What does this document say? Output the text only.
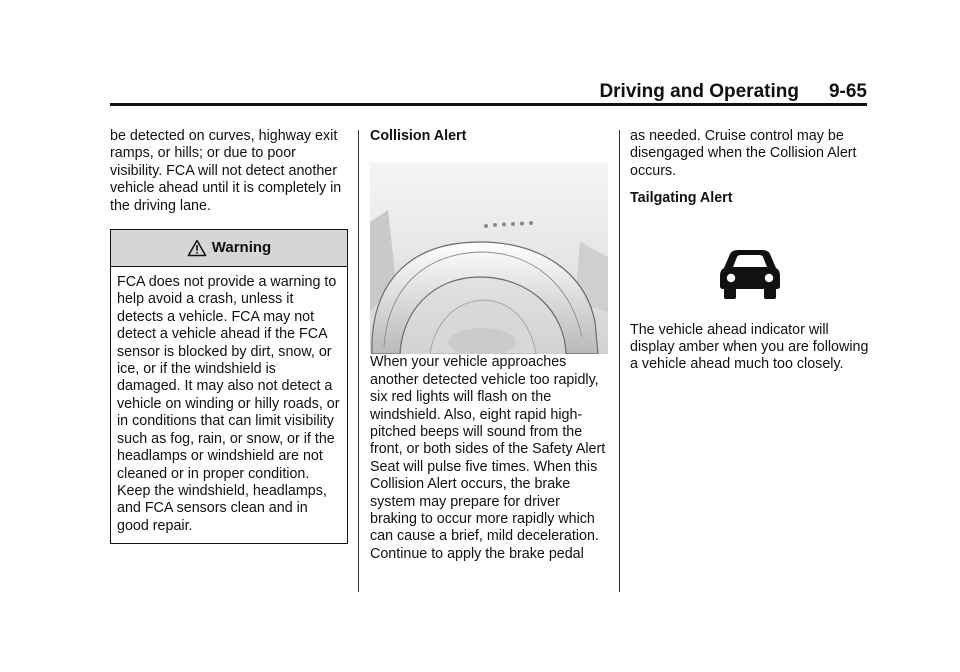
Driving and Operating 9-65

be detected on curves, highway exit ramps, or hills; or due to poor visibility. FCA will not detect another vehicle ahead until it is completely in the driving lane.

Warning
FCA does not provide a warning to help avoid a crash, unless it detects a vehicle. FCA may not detect a vehicle ahead if the FCA sensor is blocked by dirt, snow, or ice, or if the windshield is damaged. It may also not detect a vehicle on winding or hilly roads, or in conditions that can limit visibility such as fog, rain, or snow, or if the headlamps or windshield are not cleaned or in proper condition. Keep the windshield, headlamps, and FCA sensors clean and in good repair.

Collision Alert

When your vehicle approaches another detected vehicle too rapidly, six red lights will flash on the windshield. Also, eight rapid high-pitched beeps will sound from the front, or both sides of the Safety Alert Seat will pulse five times. When this Collision Alert occurs, the brake system may prepare for driver braking to occur more rapidly which can cause a brief, mild deceleration. Continue to apply the brake pedal

as needed. Cruise control may be disengaged when the Collision Alert occurs.

Tailgating Alert

The vehicle ahead indicator will display amber when you are following a vehicle ahead much too closely.
